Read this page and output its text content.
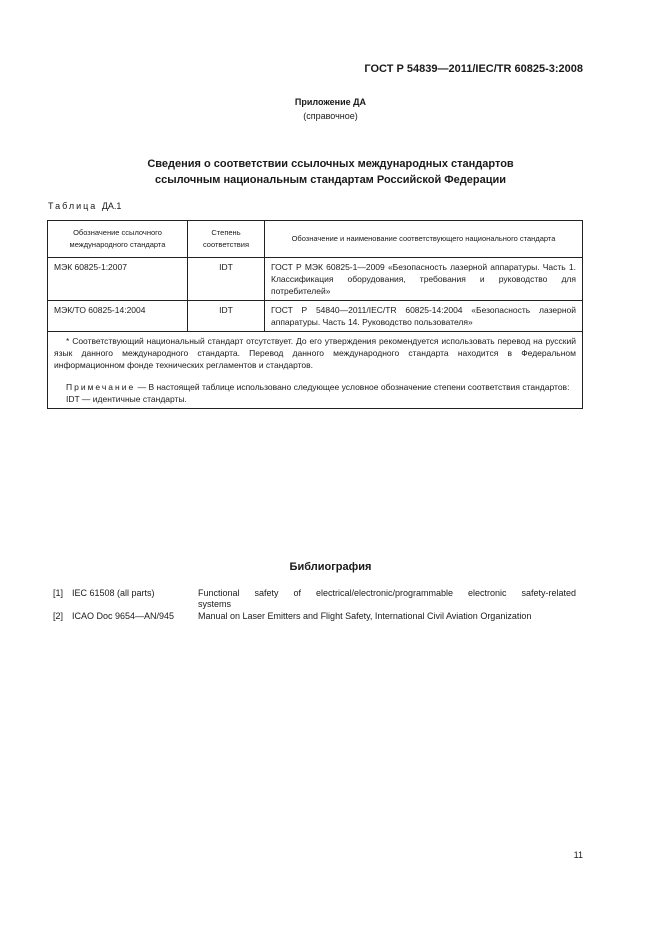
ГОСТ Р 54839—2011/IEC/TR 60825-3:2008
Приложение ДА
(справочное)
Сведения о соответствии ссылочных международных стандартов
ссылочным национальным стандартам Российской Федерации
Таблица ДА.1
Обозначение ссылочного международного стандарта	Степень соответствия	Обозначение и наименование соответствующего национального стандарта
МЭК 60825-1:2007	IDT	ГОСТ Р МЭК 60825-1—2009 «Безопасность лазерной аппаратуры. Часть 1. Классификация оборудования, требования и руководство для потребителей»
МЭК/ТО 60825-14:2004	IDT	ГОСТ Р 54840—2011/IEC/TR 60825-14:2004 «Безопасность лазерной аппаратуры. Часть 14. Руководство пользователя»

* Соответствующий национальный стандарт отсутствует. До его утверждения рекомендуется использовать перевод на русский язык данного международного стандарта. Перевод данного международного стандарта находится в Федеральном информационном фонде технических регламентов и стандартов.

Примечание — В настоящей таблице использовано следующее условное обозначение степени соответствия стандартов:

IDT — идентичные стандарты.		

Библиография
[1] IEC 61508 (all parts)	Functional safety of electrical/electronic/programmable electronic safety-related
systems
[2] ICAO Doc 9654—AN/945	Manual on Laser Emitters and Flight Safety, International Civil Aviation Organization
11
